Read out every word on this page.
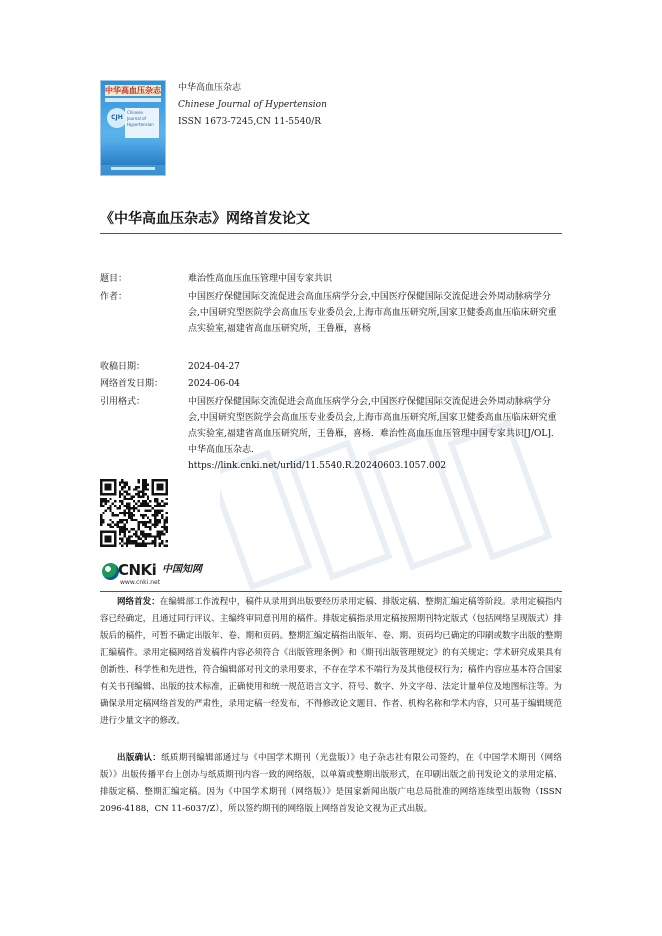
中华高血压杂志
CJH
Chinese Journal of Hypertension
中华高血压杂志
Chinese Journal of Hypertension
ISSN 1673-7245,CN 11-5540/R
《中华高血压杂志》网络首发论文
题目：	难治性高血压血压管理中国专家共识
作者：	中国医疗保健国际交流促进会高血压病学分会,中国医疗保健国际交流促进会外周动脉病学分会,中国研究型医院学会高血压专业委员会,上海市高血压研究所,国家卫健委高血压临床研究重点实验室,福建省高血压研究所，王鲁雁，喜杨
收稿日期：	2024-04-27
网络首发日期：	2024-06-04
引用格式：	中国医疗保健国际交流促进会高血压病学分会,中国医疗保健国际交流促进会外周动脉病学分会,中国研究型医院学会高血压专业委员会,上海市高血压研究所,国家卫健委高血压临床研究重点实验室,福建省高血压研究所，王鲁雁，喜杨．难治性高血压血压管理中国专家共识[J/OL]．中华高血压杂志．
https://link.cnki.net/urlid/11.5540.R.20240603.1057.002
CNKi 中国知网
www.cnki.net
网络首发：在编辑部工作流程中，稿件从录用到出版要经历录用定稿、排版定稿、整期汇编定稿等阶段。录用定稿指内容已经确定，且通过同行评议、主编终审同意刊用的稿件。排版定稿指录用定稿按照期刊特定版式（包括网络呈现版式）排版后的稿件，可暂不确定出版年、卷、期和页码。整期汇编定稿指出版年、卷、期、页码均已确定的印刷或数字出版的整期汇编稿件。录用定稿网络首发稿件内容必须符合《出版管理条例》和《期刊出版管理规定》的有关规定；学术研究成果具有创新性、科学性和先进性，符合编辑部对刊文的录用要求，不存在学术不端行为及其他侵权行为；稿件内容应基本符合国家有关书刊编辑、出版的技术标准，正确使用和统一规范语言文字、符号、数字、外文字母、法定计量单位及地图标注等。为确保录用定稿网络首发的严肃性，录用定稿一经发布，不得修改论文题目、作者、机构名称和学术内容，只可基于编辑规范进行少量文字的修改。
出版确认：纸质期刊编辑部通过与《中国学术期刊（光盘版）》电子杂志社有限公司签约，在《中国学术期刊（网络版）》出版传播平台上创办与纸质期刊内容一致的网络版，以单篇或整期出版形式，在印刷出版之前刊发论文的录用定稿、排版定稿、整期汇编定稿。因为《中国学术期刊（网络版）》是国家新闻出版广电总局批准的网络连续型出版物（ISSN 2096-4188，CN 11-6037/Z），所以签约期刊的网络版上网络首发论文视为正式出版。
